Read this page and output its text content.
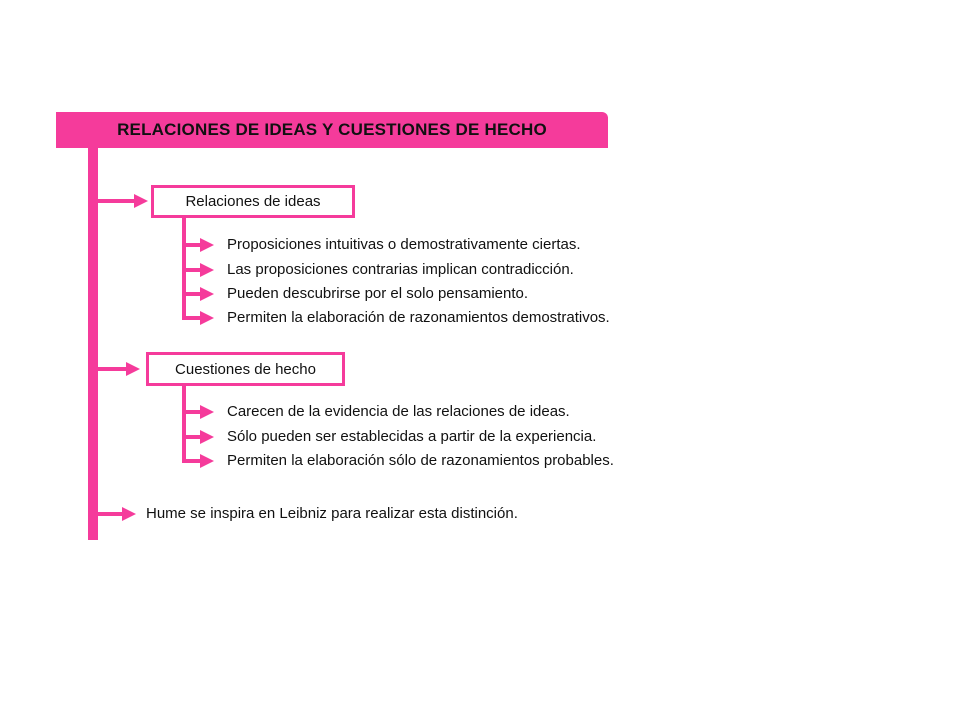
RELACIONES DE IDEAS Y CUESTIONES DE HECHO
Relaciones de ideas
Proposiciones intuitivas o demostrativamente ciertas.
Las proposiciones contrarias implican contradicción.
Pueden descubrirse por el solo pensamiento.
Permiten la elaboración de razonamientos demostrativos.
Cuestiones de hecho
Carecen de la evidencia de las relaciones de ideas.
Sólo pueden ser establecidas a partir de la experiencia.
Permiten la elaboración sólo de razonamientos probables.
Hume se inspira en Leibniz para realizar esta distinción.
